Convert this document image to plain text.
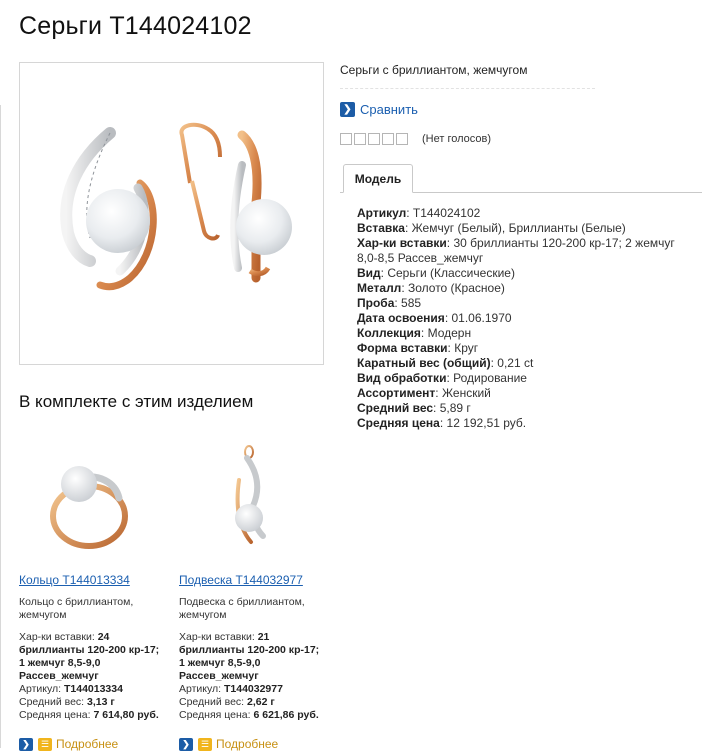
Серьги Т144024102
Серьги с бриллиантом, жемчугом
❯ Сравнить
(Нет голосов)
Модель

Артикул: Т144024102

Вставка: Жемчуг (Белый), Бриллианты (Белые)

Хар-ки вставки: 30 бриллианты 120-200 кр-17; 2 жемчуг 8,0-8,5 Рассев_жемчуг

Вид: Серьги (Классические)

Металл: Золото (Красное)

Проба: 585

Дата освоения: 01.06.1970

Коллекция: Модерн

Форма вставки: Круг

Каратный вес (общий): 0,21 ct

Вид обработки: Родирование

Ассортимент: Женский

Средний вес: 5,89 г

Средняя цена: 12 192,51 руб.

В комплекте с этим изделием
Кольцо Т144013334
Кольцо с бриллиантом, жемчугом
Хар-ки вставки: 24
бриллианты 120-200 кр-17;
1 жемчуг 8,5-9,0
Рассев_жемчуг
Артикул: Т144013334
Средний вес: 3,13 г
Средняя цена: 7 614,80 руб.
Подвеска Т144032977
Подвеска с бриллиантом, жемчугом
Хар-ки вставки: 21
бриллианты 120-200 кр-17;
1 жемчуг 8,5-9,0
Рассев_жемчуг
Артикул: Т144032977
Средний вес: 2,62 г
Средняя цена: 6 621,86 руб.
❯	☰ Подробнее	❯	☰ Подробнее
